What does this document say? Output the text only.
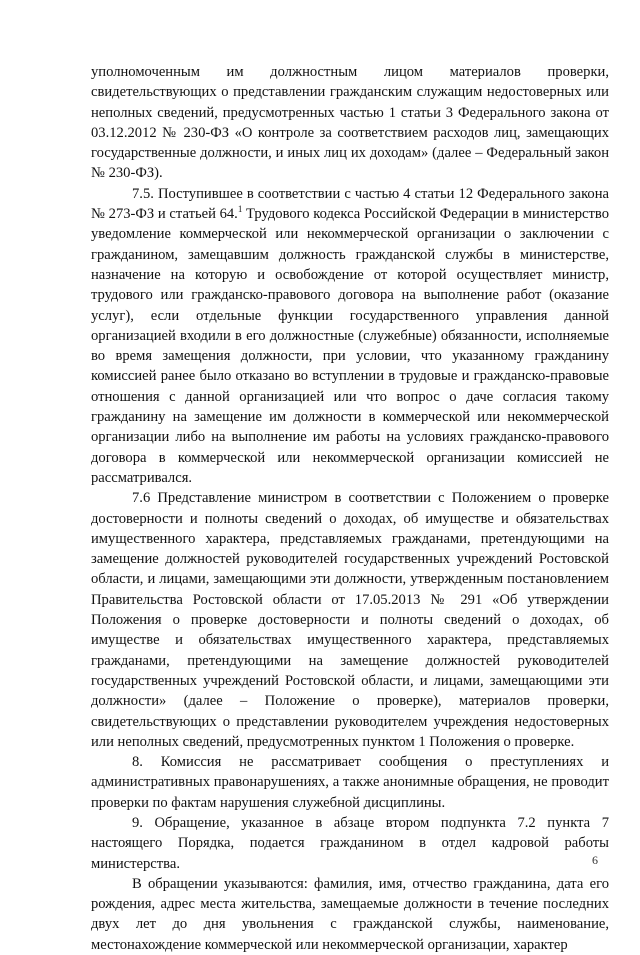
уполномоченным им должностным лицом материалов проверки, свидетельствующих о представлении гражданским служащим недостоверных или неполных сведений, предусмотренных частью 1 статьи 3 Федерального закона от 03.12.2012 № 230-ФЗ «О контроле за соответствием расходов лиц, замещающих государственные должности, и иных лиц их доходам» (далее – Федеральный закон № 230-ФЗ).

7.5. Поступившее в соответствии с частью 4 статьи 12 Федерального закона № 273-ФЗ и статьей 64.$^1$ Трудового кодекса Российской Федерации в министерство уведомление коммерческой или некоммерческой организации о заключении с гражданином, замещавшим должность гражданской службы в министерстве, назначение на которую и освобождение от которой осуществляет министр, трудового или гражданско-правового договора на выполнение работ (оказание услуг), если отдельные функции государственного управления данной организацией входили в его должностные (служебные) обязанности, исполняемые во время замещения должности, при условии, что указанному гражданину комиссией ранее было отказано во вступлении в трудовые и гражданско-правовые отношения с данной организацией или что вопрос о даче согласия такому гражданину на замещение им должности в коммерческой или некоммерческой организации либо на выполнение им работы на условиях гражданско-правового договора в коммерческой или некоммерческой организации комиссией не рассматривался.

7.6 Представление министром в соответствии с Положением о проверке достоверности и полноты сведений о доходах, об имуществе и обязательствах имущественного характера, представляемых гражданами, претендующими на замещение должностей руководителей государственных учреждений Ростовской области, и лицами, замещающими эти должности, утвержденным постановлением Правительства Ростовской области от 17.05.2013 № 291 «Об утверждении Положения о проверке достоверности и полноты сведений о доходах, об имуществе и обязательствах имущественного характера, представляемых гражданами, претендующими на замещение должностей руководителей государственных учреждений Ростовской области, и лицами, замещающими эти должности» (далее – Положение о проверке), материалов проверки, свидетельствующих о представлении руководителем учреждения недостоверных или неполных сведений, предусмотренных пунктом 1 Положения о проверке.

8. Комиссия не рассматривает сообщения о преступлениях и административных правонарушениях, а также анонимные обращения, не проводит проверки по фактам нарушения служебной дисциплины.

9. Обращение, указанное в абзаце втором подпункта 7.2 пункта 7 настоящего Порядка, подается гражданином в отдел кадровой работы министерства.

В обращении указываются: фамилия, имя, отчество гражданина, дата его рождения, адрес места жительства, замещаемые должности в течение последних двух лет до дня увольнения с гражданской службы, наименование, местонахождение коммерческой или некоммерческой организации, характер

6
